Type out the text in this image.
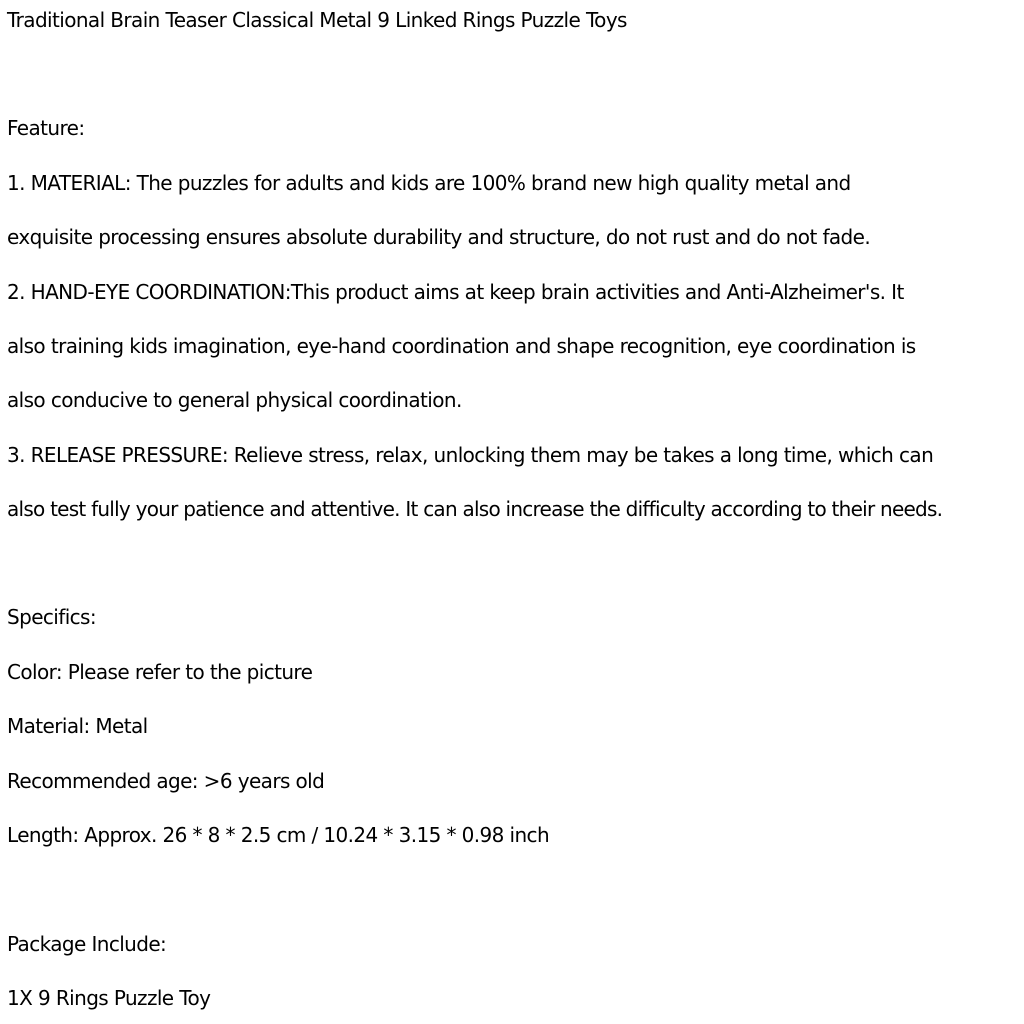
Traditional Brain Teaser Classical Metal 9 Linked Rings Puzzle Toys
Feature:
1. MATERIAL: The puzzles for adults and kids are 100% brand new high quality metal and
exquisite processing ensures absolute durability and structure, do not rust and do not fade.
2. HAND-EYE COORDINATION:This product aims at keep brain activities and Anti-Alzheimer's. It
also training kids imagination, eye-hand coordination and shape recognition, eye coordination is
also conducive to general physical coordination.
3. RELEASE PRESSURE: Relieve stress, relax, unlocking them may be takes a long time, which can
also test fully your patience and attentive. It can also increase the difficulty according to their needs.
Specifics:
Color: Please refer to the picture
Material: Metal
Recommended age: >6 years old
Length: Approx. 26 * 8 * 2.5 cm / 10.24 * 3.15 * 0.98 inch
Package Include:
1X 9 Rings Puzzle Toy
